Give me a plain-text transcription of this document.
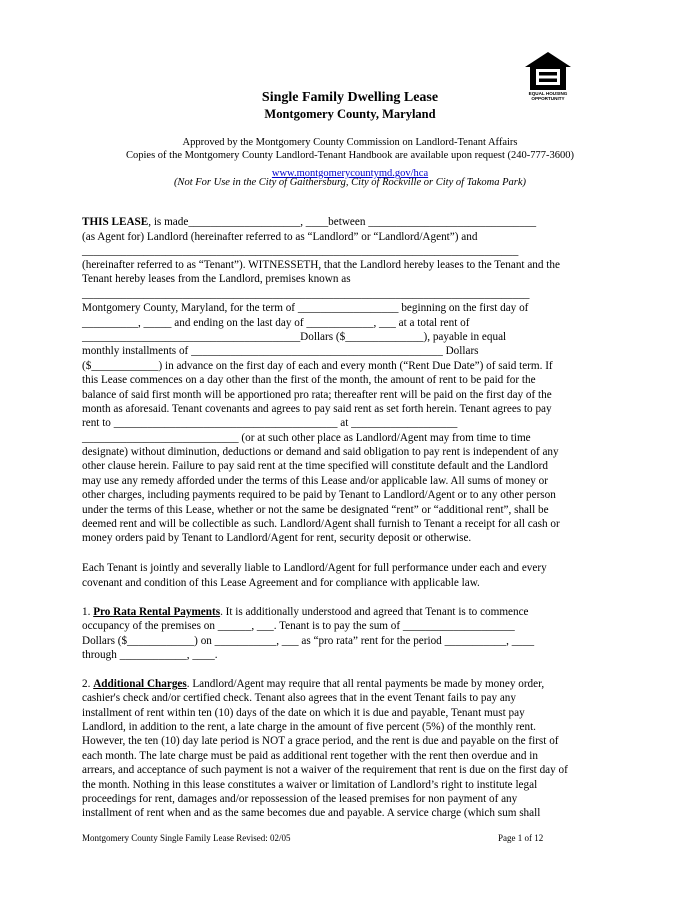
EQUAL HOUSING
OPPORTUNITY
Single Family Dwelling Lease
Montgomery County, Maryland
Approved by the Montgomery County Commission on Landlord-Tenant Affairs
Copies of the Montgomery County Landlord-Tenant Handbook are available upon request (240-777-3600)
www.montgomerycountymd.gov/hca
(Not For Use in the City of Gaithersburg, City of Rockville or City of Takoma Park)
THIS LEASE, is made____________________, ____between ______________________________
(as Agent for) Landlord (hereinafter referred to as “Landlord” or “Landlord/Agent”) and
______________________________________________________________________________
(hereinafter referred to as “Tenant”). WITNESSETH, that the Landlord hereby leases to the Tenant and the
Tenant hereby leases from the Landlord, premises known as
________________________________________________________________________________
Montgomery County, Maryland, for the term of __________________ beginning on the first day of
__________, _____ and ending on the last day of ____________, ___ at a total rent of
_______________________________________Dollars ($______________), payable in equal
monthly installments of _____________________________________________ Dollars
($____________) in advance on the first day of each and every month (“Rent Due Date”) of said term. If
this Lease commences on a day other than the first of the month, the amount of rent to be paid for the
balance of said first month will be apportioned pro rata; thereafter rent will be paid on the first day of the
month as aforesaid. Tenant covenants and agrees to pay said rent as set forth herein. Tenant agrees to pay
rent to ________________________________________ at ___________________
____________________________ (or at such other place as Landlord/Agent may from time to time
designate) without diminution, deductions or demand and said obligation to pay rent is independent of any
other clause herein. Failure to pay said rent at the time specified will constitute default and the Landlord
may use any remedy afforded under the terms of this Lease and/or applicable law. All sums of money or
other charges, including payments required to be paid by Tenant to Landlord/Agent or to any other person
under the terms of this Lease, whether or not the same be designated “rent” or “additional rent”, shall be
deemed rent and will be collectible as such. Landlord/Agent shall furnish to Tenant a receipt for all cash or
money orders paid by Tenant to Landlord/Agent for rent, security deposit or otherwise.
Each Tenant is jointly and severally liable to Landlord/Agent for full performance under each and every
covenant and condition of this Lease Agreement and for compliance with applicable law.
1. Pro Rata Rental Payments. It is additionally understood and agreed that Tenant is to commence
occupancy of the premises on ______, ___. Tenant is to pay the sum of ____________________
Dollars ($____________) on ___________, ___ as “pro rata” rent for the period ___________, ____
through ____________, ____.
2. Additional Charges. Landlord/Agent may require that all rental payments be made by money order,
cashier's check and/or certified check. Tenant also agrees that in the event Tenant fails to pay any
installment of rent within ten (10) days of the date on which it is due and payable, Tenant must pay
Landlord, in addition to the rent, a late charge in the amount of five percent (5%) of the monthly rent.
However, the ten (10) day late period is NOT a grace period, and the rent is due and payable on the first of
each month. The late charge must be paid as additional rent together with the rent then overdue and in
arrears, and acceptance of such payment is not a waiver of the requirement that rent is due on the first day of
the month. Nothing in this lease constitutes a waiver or limitation of Landlord’s right to institute legal
proceedings for rent, damages and/or repossession of the leased premises for non payment of any
installment of rent when and as the same becomes due and payable. A service charge (which sum shall
Montgomery County Single Family Lease Revised: 02/05	Page 1 of 12
